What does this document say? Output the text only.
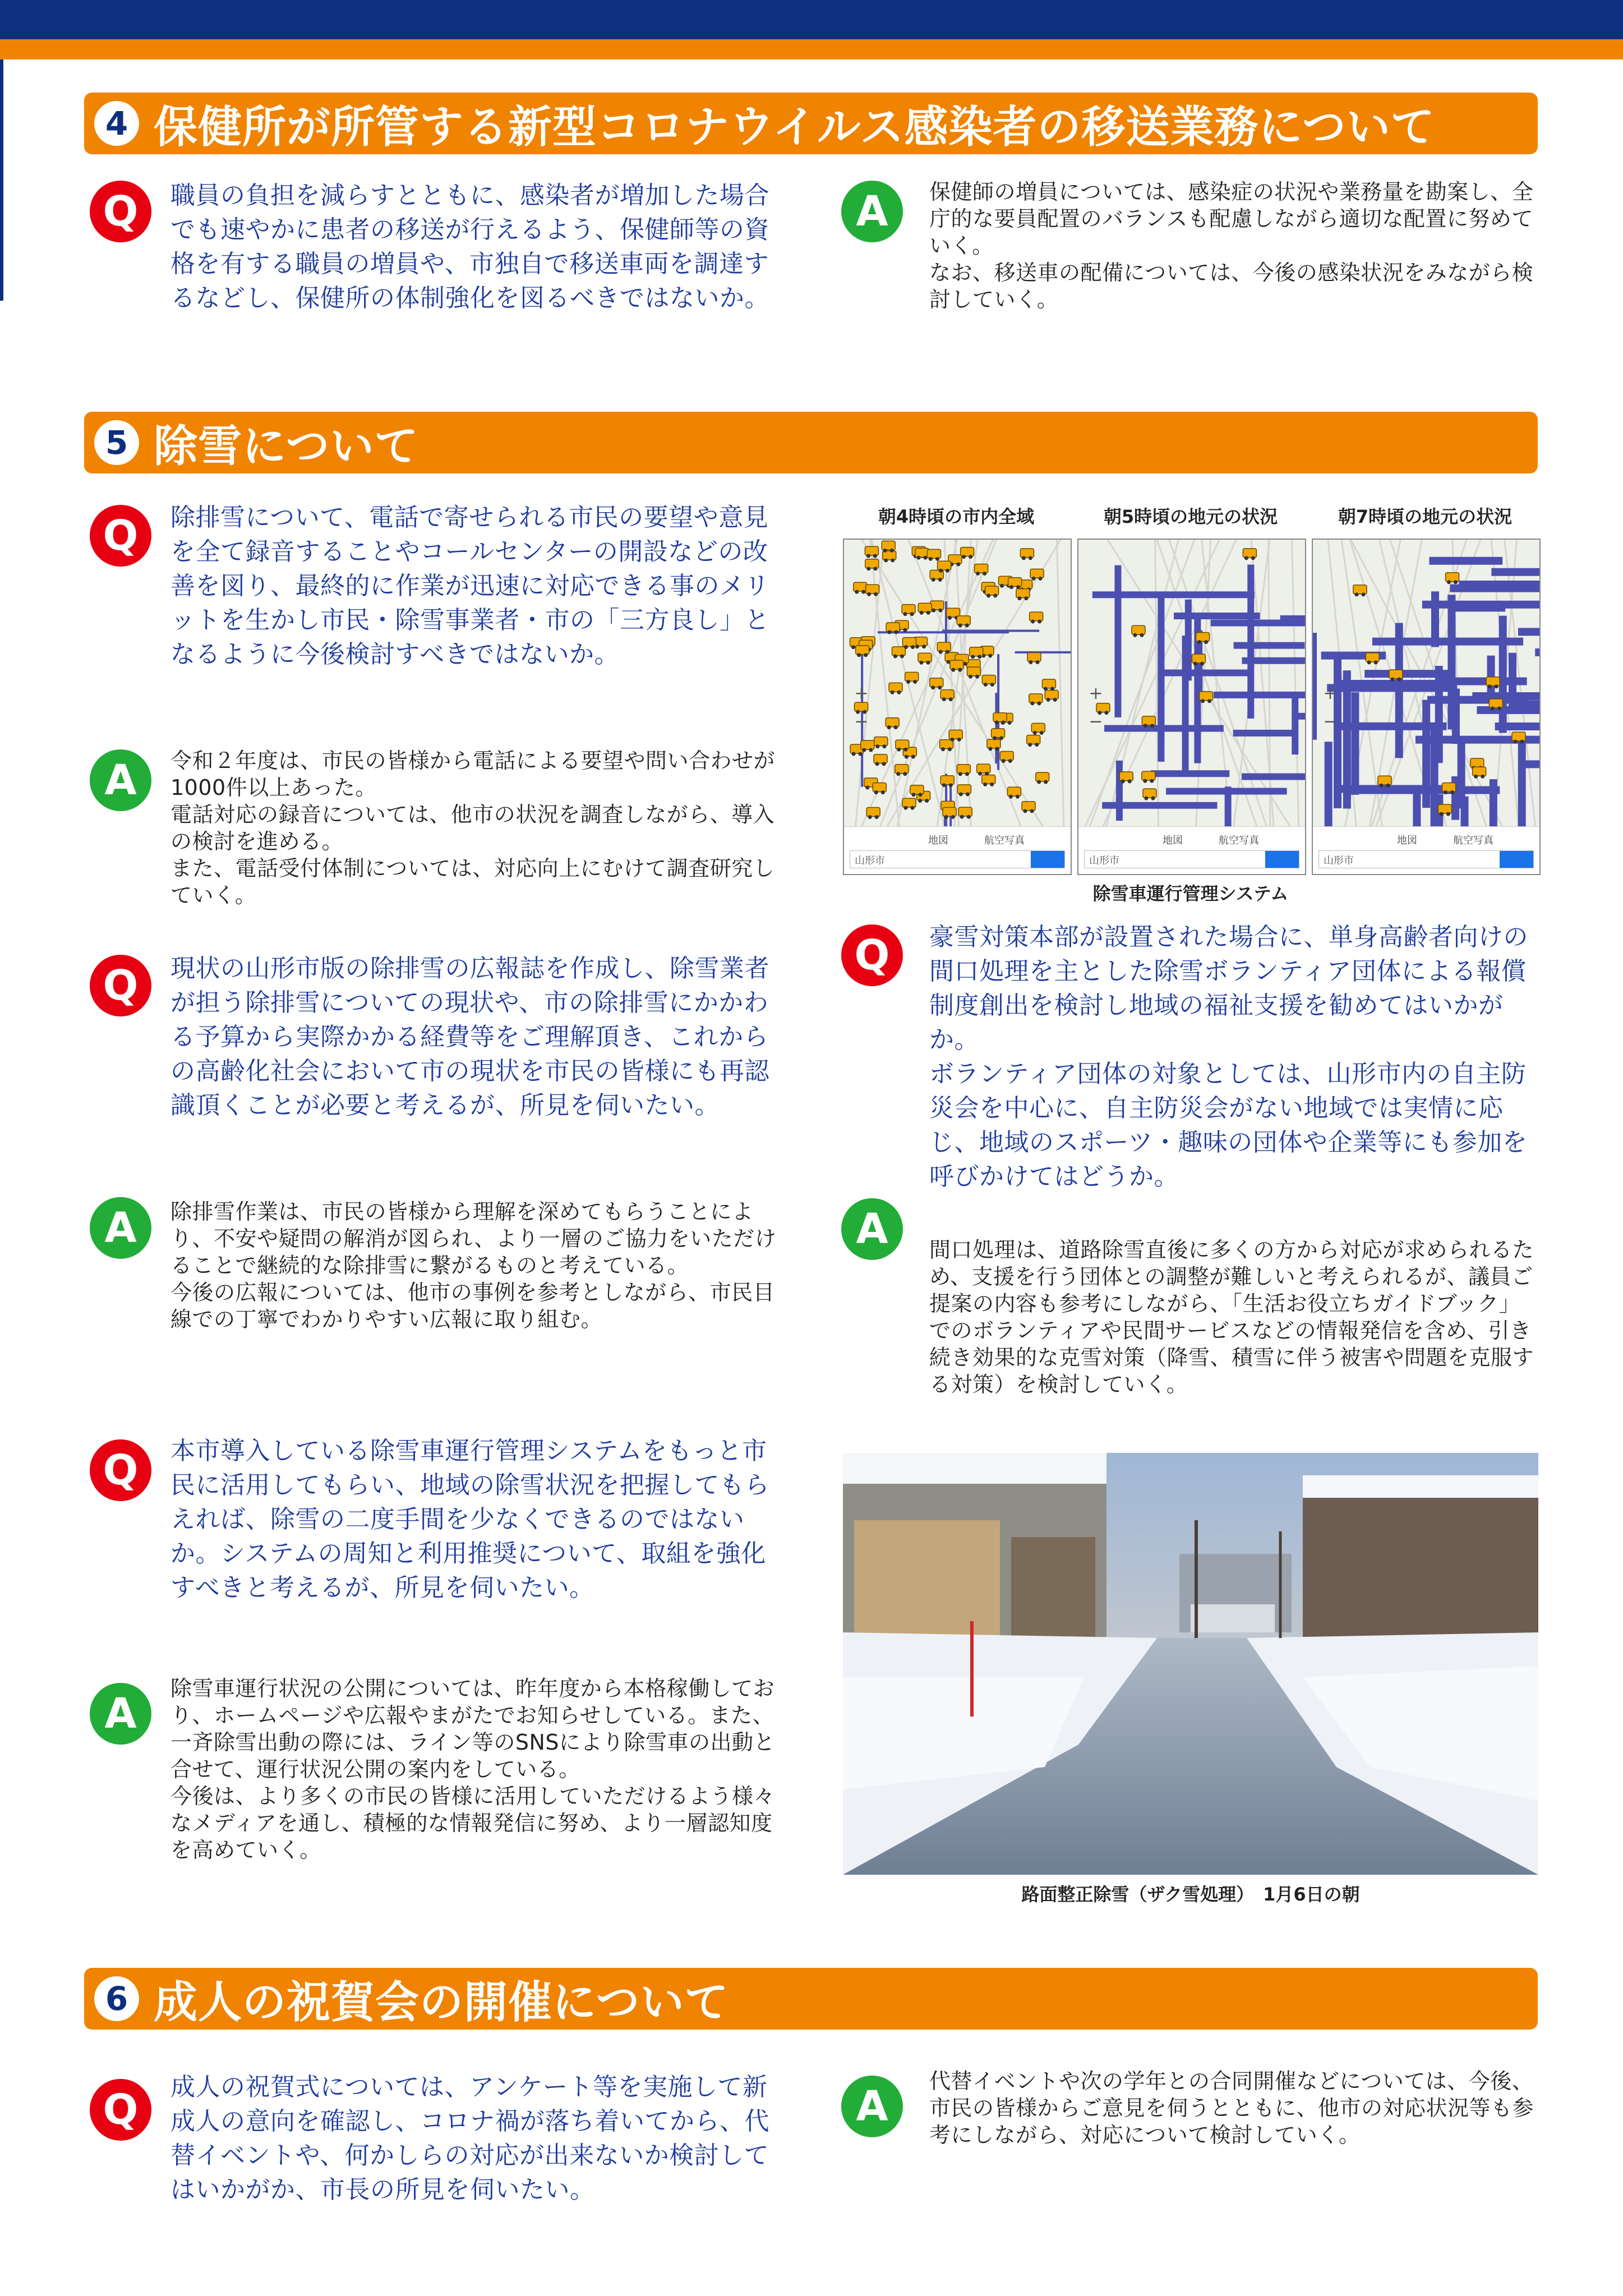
4 保健所が所管する新型コロナウイルス感染者の移送業務について
Q	職員の負担を減らすとともに、感染者が増加した場合でも速やかに患者の移送が行えるよう、保健師等の資格を有する職員の増員や、市独自で移送車両を調達するなどし、保健所の体制強化を図るべきではないか。
A	保健師の増員については、感染症の状況や業務量を勘案し、全庁的な要員配置のバランスも配慮しながら適切な配置に努めていく。
なお、移送車の配備については、今後の感染状況をみながら検討していく。
5 除雪について
Q	除排雪について、電話で寄せられる市民の要望や意見を全て録音することやコールセンターの開設などの改善を図り、最終的に作業が迅速に対応できる事のメリットを生かし市民・除雪事業者・市の「三方良し」となるように今後検討すべきではないか。
A	令和２年度は、市民の皆様から電話による要望や問い合わせが1000件以上あった。
電話対応の録音については、他市の状況を調査しながら、導入の検討を進める。
また、電話受付体制については、対応向上にむけて調査研究していく。
Q	現状の山形市版の除排雪の広報誌を作成し、除雪業者が担う除排雪についての現状や、市の除排雪にかかわる予算から実際かかる経費等をご理解頂き、これからの高齢化社会において市の現状を市民の皆様にも再認識頂くことが必要と考えるが、所見を伺いたい。
A	除排雪作業は、市民の皆様から理解を深めてもらうことにより、不安や疑問の解消が図られ、より一層のご協力をいただけることで継続的な除排雪に繋がるものと考えている。
今後の広報については、他市の事例を参考としながら、市民目線での丁寧でわかりやすい広報に取り組む。
Q	本市導入している除雪車運行管理システムをもっと市民に活用してもらい、地域の除雪状況を把握してもらえれば、除雪の二度手間を少なくできるのではないか。システムの周知と利用推奨について、取組を強化すべきと考えるが、所見を伺いたい。
A
除雪車運行状況の公開については、昨年度から本格稼働しており、ホームページや広報やまがたでお知らせしている。また、一斉除雪出動の際には、ライン等のSNSにより除雪車の出動と合せて、運行状況公開の案内をしている。
今後は、より多くの市民の皆様に活用していただけるよう様々なメディアを通し、積極的な情報発信に努め、より一層認知度を高めていく。
朝4時頃の市内全域	朝5時頃の地元の状況	朝7時頃の地元の状況
+
−
地図	航空写真
山形市
+
−
地図	航空写真
山形市
+
−
地図	航空写真
山形市
除雪車運行管理システム
Q	豪雪対策本部が設置された場合に、単身高齢者向けの間口処理を主とした除雪ボランティア団体による報償制度創出を検討し地域の福祉支援を勧めてはいかがか。
ボランティア団体の対象としては、山形市内の自主防災会を中心に、自主防災会がない地域では実情に応じ、地域のスポーツ・趣味の団体や企業等にも参加を呼びかけてはどうか。
A	間口処理は、道路除雪直後に多くの方から対応が求められるため、支援を行う団体との調整が難しいと考えられるが、議員ご提案の内容も参考にしながら、「生活お役立ちガイドブック」でのボランティアや民間サービスなどの情報発信を含め、引き続き効果的な克雪対策（降雪、積雪に伴う被害や問題を克服する対策）を検討していく。
路面整正除雪（ザク雪処理）　1月6日の朝
6 成人の祝賀会の開催について
Q	成人の祝賀式については、アンケート等を実施して新成人の意向を確認し、コロナ禍が落ち着いてから、代替イベントや、何かしらの対応が出来ないか検討してはいかがか、市長の所見を伺いたい。
A
代替イベントや次の学年との合同開催などについては、今後、市民の皆様からご意見を伺うとともに、他市の対応状況等も参考にしながら、対応について検討していく。
